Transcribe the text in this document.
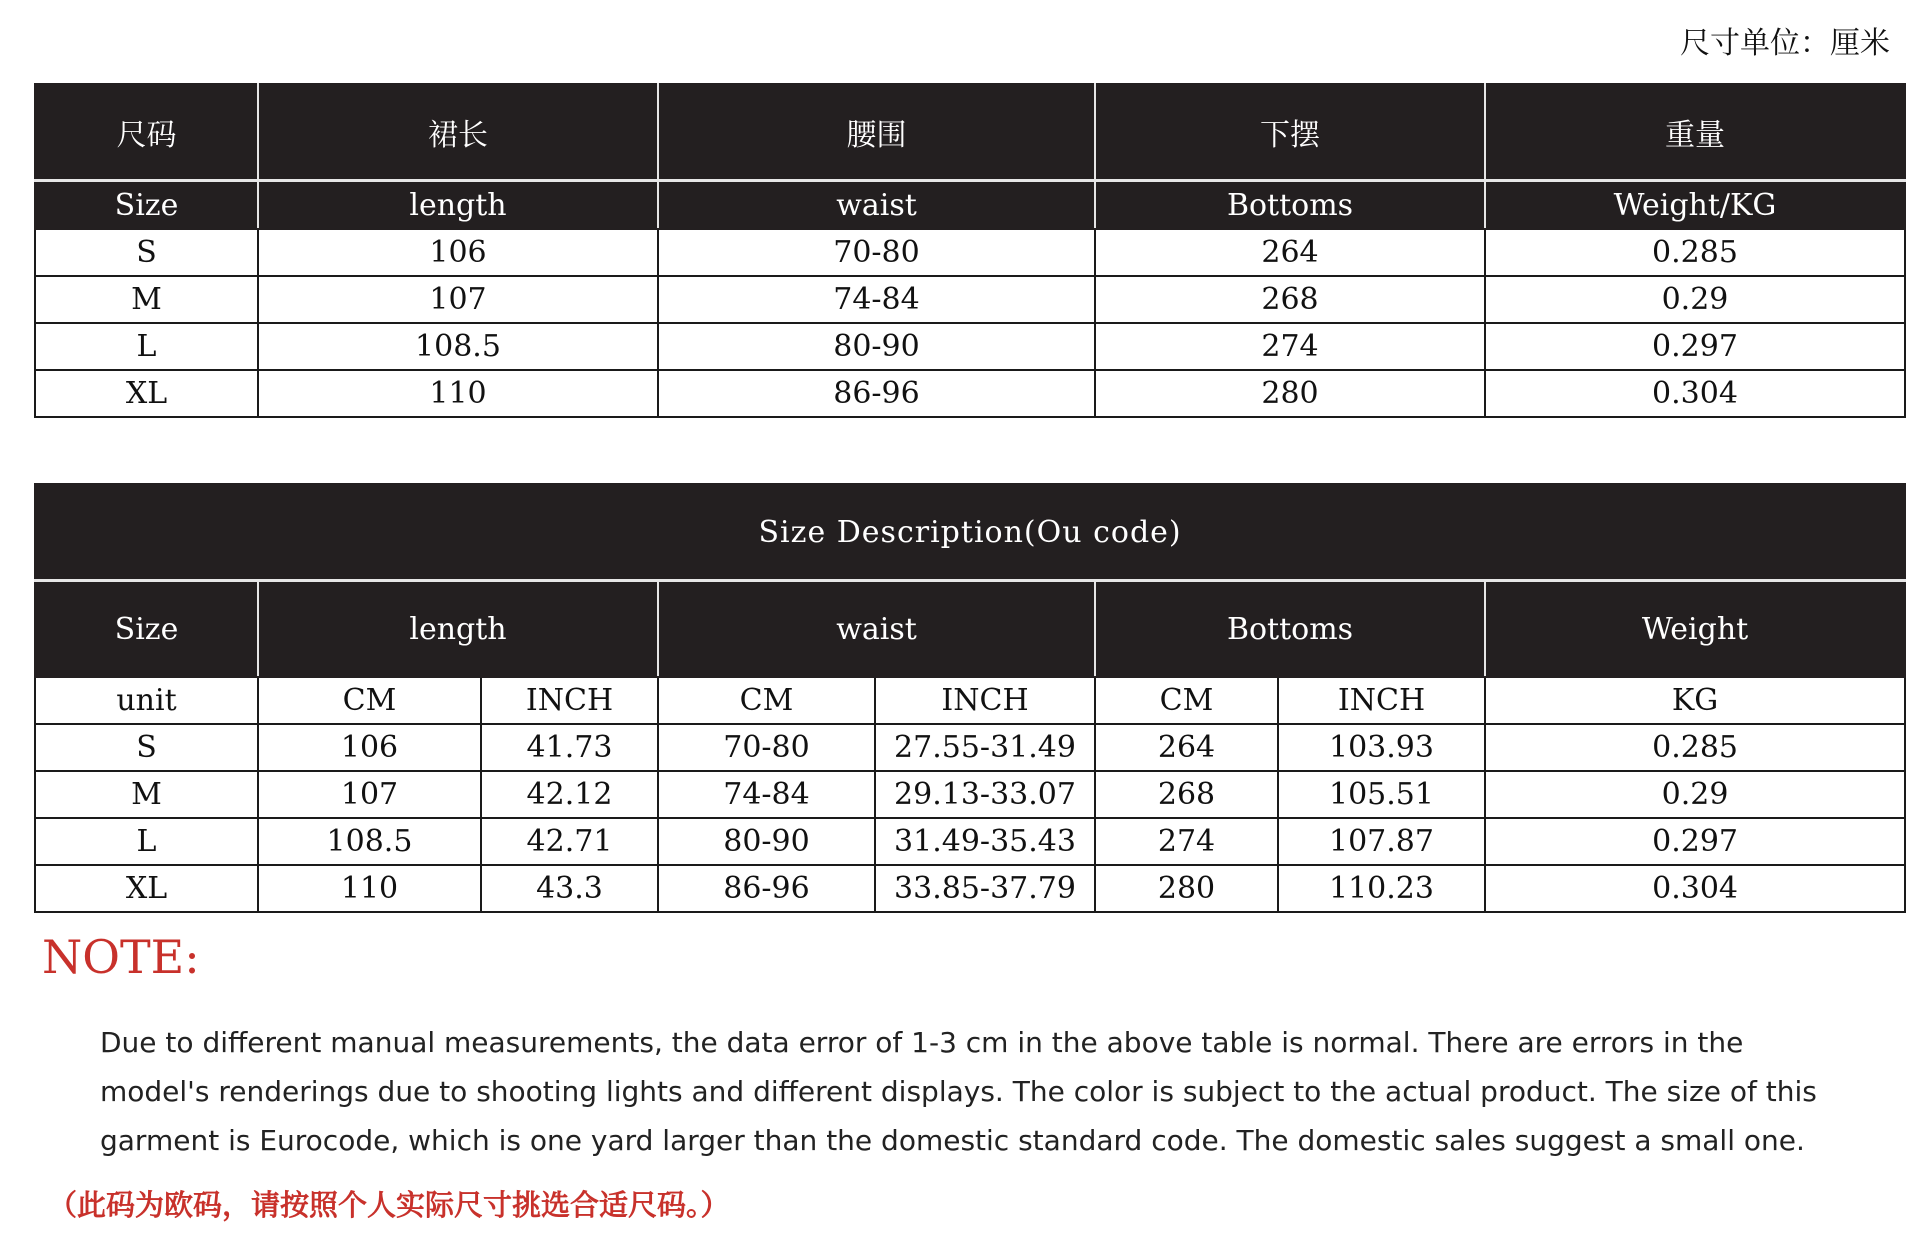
尺寸单位：厘米
尺码	裙长	腰围	下摆	重量
Size	length	waist	Bottoms	Weight/KG
S	106	70-80	264	0.285
M	107	74-84	268	0.29
L	108.5	80-90	274	0.297
XL	110	86-96	280	0.304
Size Description(Ou code)							
Size	length		waist		Bottoms		Weight
unit	CM	INCH	CM	INCH	CM	INCH	KG
S	106	41.73	70-80	27.55-31.49	264	103.93	0.285
M	107	42.12	74-84	29.13-33.07	268	105.51	0.29
L	108.5	42.71	80-90	31.49-35.43	274	107.87	0.297
XL	110	43.3	86-96	33.85-37.79	280	110.23	0.304
NOTE:
Due to different manual measurements, the data error of 1-3 cm in the above table is normal. There are errors in the model's renderings due to shooting lights and different displays. The color is subject to the actual product. The size of this garment is Eurocode, which is one yard larger than the domestic standard code. The domestic sales suggest a small one.
（此码为欧码，请按照个人实际尺寸挑选合适尺码。）
